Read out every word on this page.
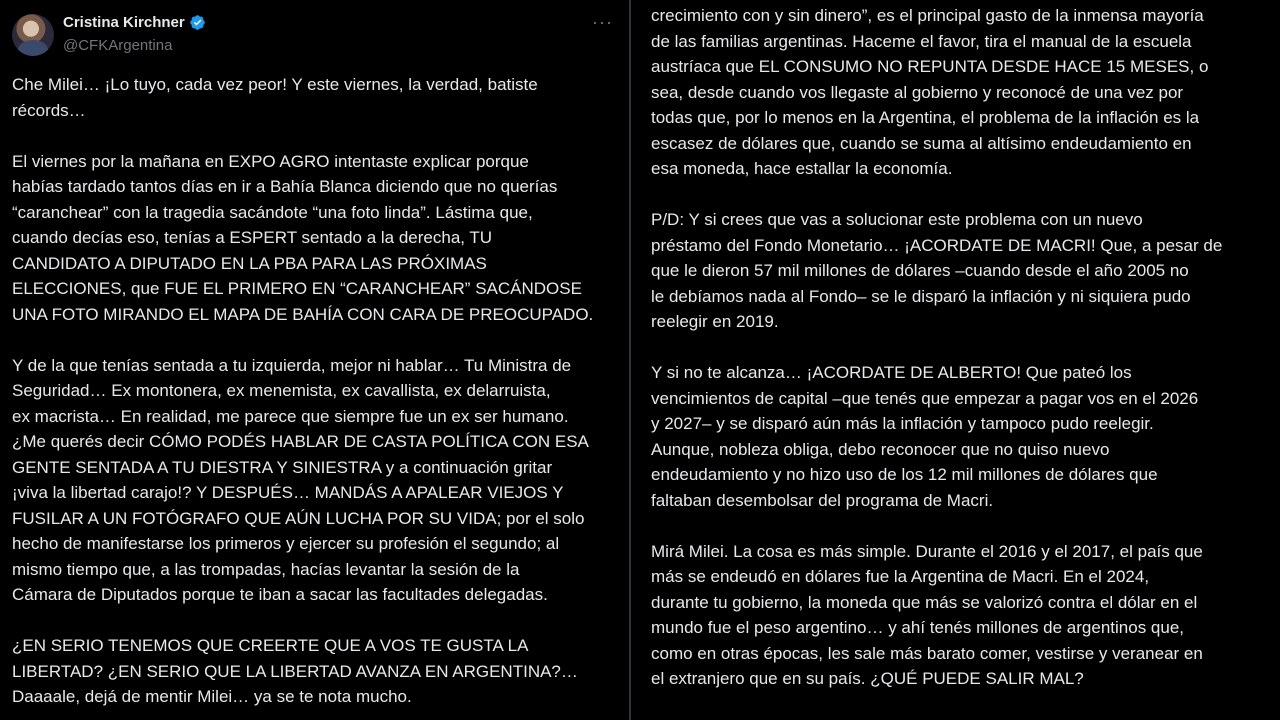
Cristina Kirchner
@CFKArgentina
···

Che Milei… ¡Lo tuyo, cada vez peor! Y este viernes, la verdad, batiste
récords…

El viernes por la mañana en EXPO AGRO intentaste explicar porque
habías tardado tantos días en ir a Bahía Blanca diciendo que no querías
“caranchear” con la tragedia sacándote “una foto linda”. Lástima que,
cuando decías eso, tenías a ESPERT sentado a la derecha, TU
CANDIDATO A DIPUTADO EN LA PBA PARA LAS PRÓXIMAS
ELECCIONES, que FUE EL PRIMERO EN “CARANCHEAR” SACÁNDOSE
UNA FOTO MIRANDO EL MAPA DE BAHÍA CON CARA DE PREOCUPADO.

Y de la que tenías sentada a tu izquierda, mejor ni hablar… Tu Ministra de
Seguridad… Ex montonera, ex menemista, ex cavallista, ex delarruista,
ex macrista… En realidad, me parece que siempre fue un ex ser humano.
¿Me querés decir CÓMO PODÉS HABLAR DE CASTA POLÍTICA CON ESA
GENTE SENTADA A TU DIESTRA Y SINIESTRA y a continuación gritar
¡viva la libertad carajo!? Y DESPUÉS… MANDÁS A APALEAR VIEJOS Y
FUSILAR A UN FOTÓGRAFO QUE AÚN LUCHA POR SU VIDA; por el solo
hecho de manifestarse los primeros y ejercer su profesión el segundo; al
mismo tiempo que, a las trompadas, hacías levantar la sesión de la
Cámara de Diputados porque te iban a sacar las facultades delegadas.

¿EN SERIO TENEMOS QUE CREERTE QUE A VOS TE GUSTA LA
LIBERTAD? ¿EN SERIO QUE LA LIBERTAD AVANZA EN ARGENTINA?…
Daaaale, dejá de mentir Milei… ya se te nota mucho.

crecimiento con y sin dinero”, es el principal gasto de la inmensa mayoría
de las familias argentinas. Haceme el favor, tira el manual de la escuela
austríaca que EL CONSUMO NO REPUNTA DESDE HACE 15 MESES, o
sea, desde cuando vos llegaste al gobierno y reconocé de una vez por
todas que, por lo menos en la Argentina, el problema de la inflación es la
escasez de dólares que, cuando se suma al altísimo endeudamiento en
esa moneda, hace estallar la economía.

P/D: Y si crees que vas a solucionar este problema con un nuevo
préstamo del Fondo Monetario… ¡ACORDATE DE MACRI! Que, a pesar de
que le dieron 57 mil millones de dólares –cuando desde el año 2005 no
le debíamos nada al Fondo– se le disparó la inflación y ni siquiera pudo
reelegir en 2019.

Y si no te alcanza… ¡ACORDATE DE ALBERTO! Que pateó los
vencimientos de capital –que tenés que empezar a pagar vos en el 2026
y 2027– y se disparó aún más la inflación y tampoco pudo reelegir.
Aunque, nobleza obliga, debo reconocer que no quiso nuevo
endeudamiento y no hizo uso de los 12 mil millones de dólares que
faltaban desembolsar del programa de Macri.

Mirá Milei. La cosa es más simple. Durante el 2016 y el 2017, el país que
más se endeudó en dólares fue la Argentina de Macri. En el 2024,
durante tu gobierno, la moneda que más se valorizó contra el dólar en el
mundo fue el peso argentino… y ahí tenés millones de argentinos que,
como en otras épocas, les sale más barato comer, vestirse y veranear en
el extranjero que en su país. ¿QUÉ PUEDE SALIR MAL?
